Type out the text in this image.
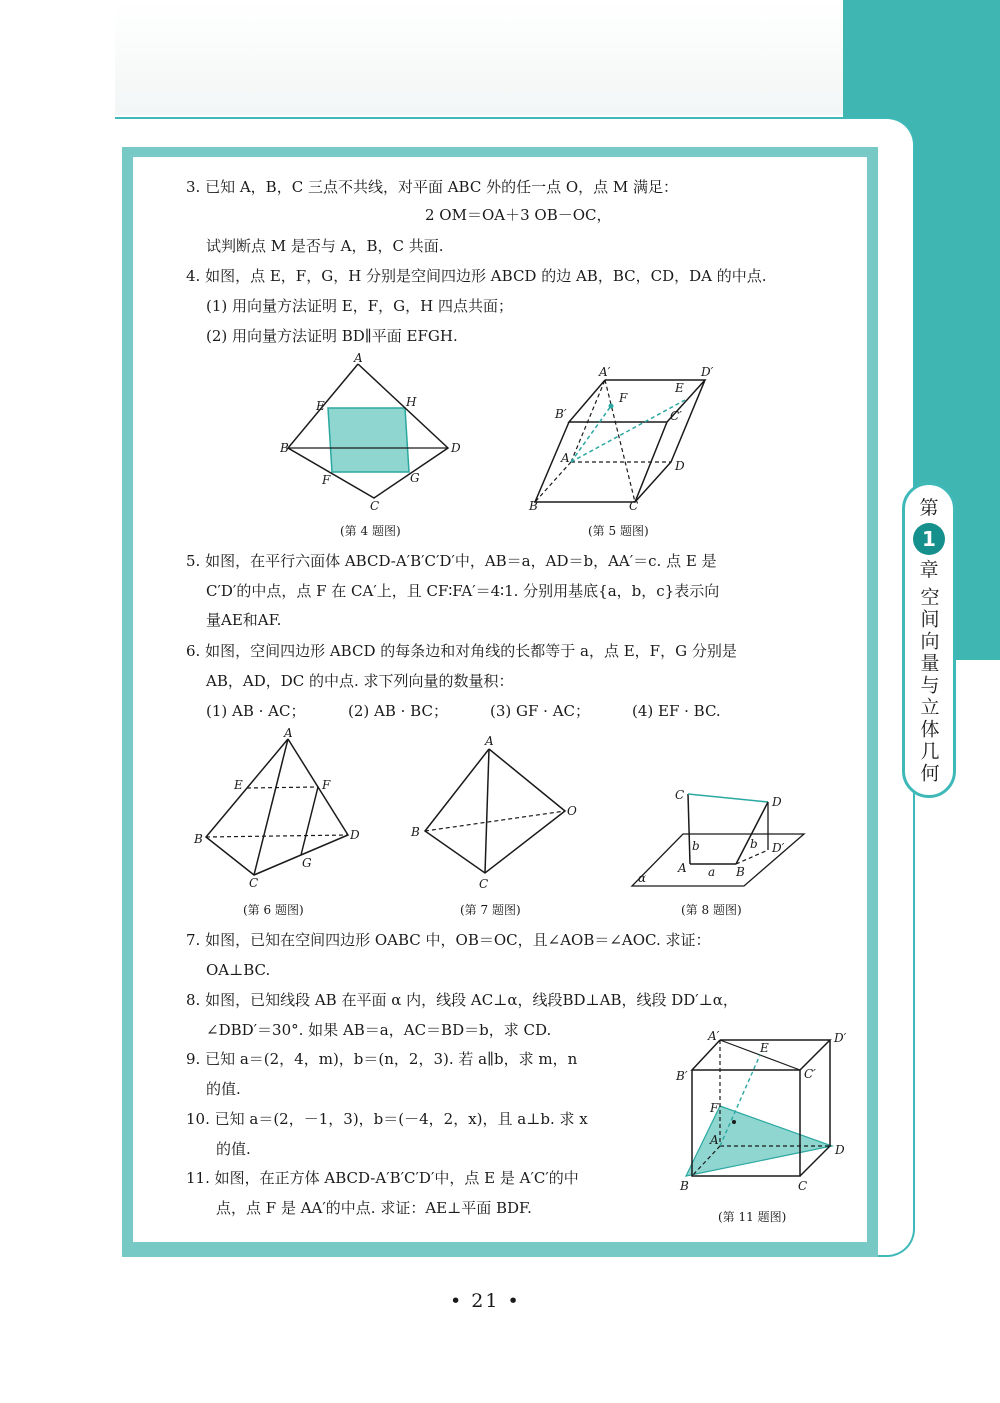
第
1
章
空间向量与立体几何
3. 已知 A，B，C 三点不共线，对平面 ABC 外的任一点 O，点 M 满足：
2 OM＝OA＋3 OB－OC，
试判断点 M 是否与 A，B，C 共面.
4. 如图，点 E，F，G，H 分别是空间四边形 ABCD 的边 AB，BC，CD，DA 的中点.
(1) 用向量方法证明 E，F，G，H 四点共面；
(2) 用向量方法证明 BD∥平面 EFGH.
A
E	H
B	D
F	G
C
(第 4 题图)
A′	D′
E
F
B′	C′
A
D
B	C
(第 5 题图)
5. 如图，在平行六面体 ABCD-A′B′C′D′中，AB＝a，AD＝b，AA′＝c. 点 E 是
C′D′的中点，点 F 在 CA′上，且 CF∶FA′＝4∶1. 分别用基底{a，b，c}表示向
量AE和AF.
6. 如图，空间四边形 ABCD 的每条边和对角线的长都等于 a，点 E，F，G 分别是
AB，AD，DC 的中点. 求下列向量的数量积：
(1) AB · AC；	(2) AB · BC；	(3) GF · AC；	(4) EF · BC.
A
E	F
B	D
G
C
(第 6 题图)
A
B
O
C
(第 7 题图)
C	D
b	b D′
A a B
α
(第 8 题图)
7. 如图，已知在空间四边形 OABC 中，OB＝OC，且∠AOB＝∠AOC. 求证：
OA⊥BC.
8. 如图，已知线段 AB 在平面 α 内，线段 AC⊥α，线段BD⊥AB，线段 DD′⊥α，
∠DBD′＝30°. 如果 AB＝a，AC＝BD＝b，求 CD.
9. 已知 a＝(2，4，m)，b＝(n，2，3). 若 a∥b，求 m，n
的值.
10. 已知 a＝(2，－1，3)，b＝(－4，2，x)，且 a⊥b. 求 x
的值.
11. 如图，在正方体 ABCD-A′B′C′D′中，点 E 是 A′C′的中
点，点 F 是 AA′的中点. 求证：AE⊥平面 BDF.
A′
E
D′
B′	C′
F
A
D
B	C
(第 11 题图)
• 21 •
